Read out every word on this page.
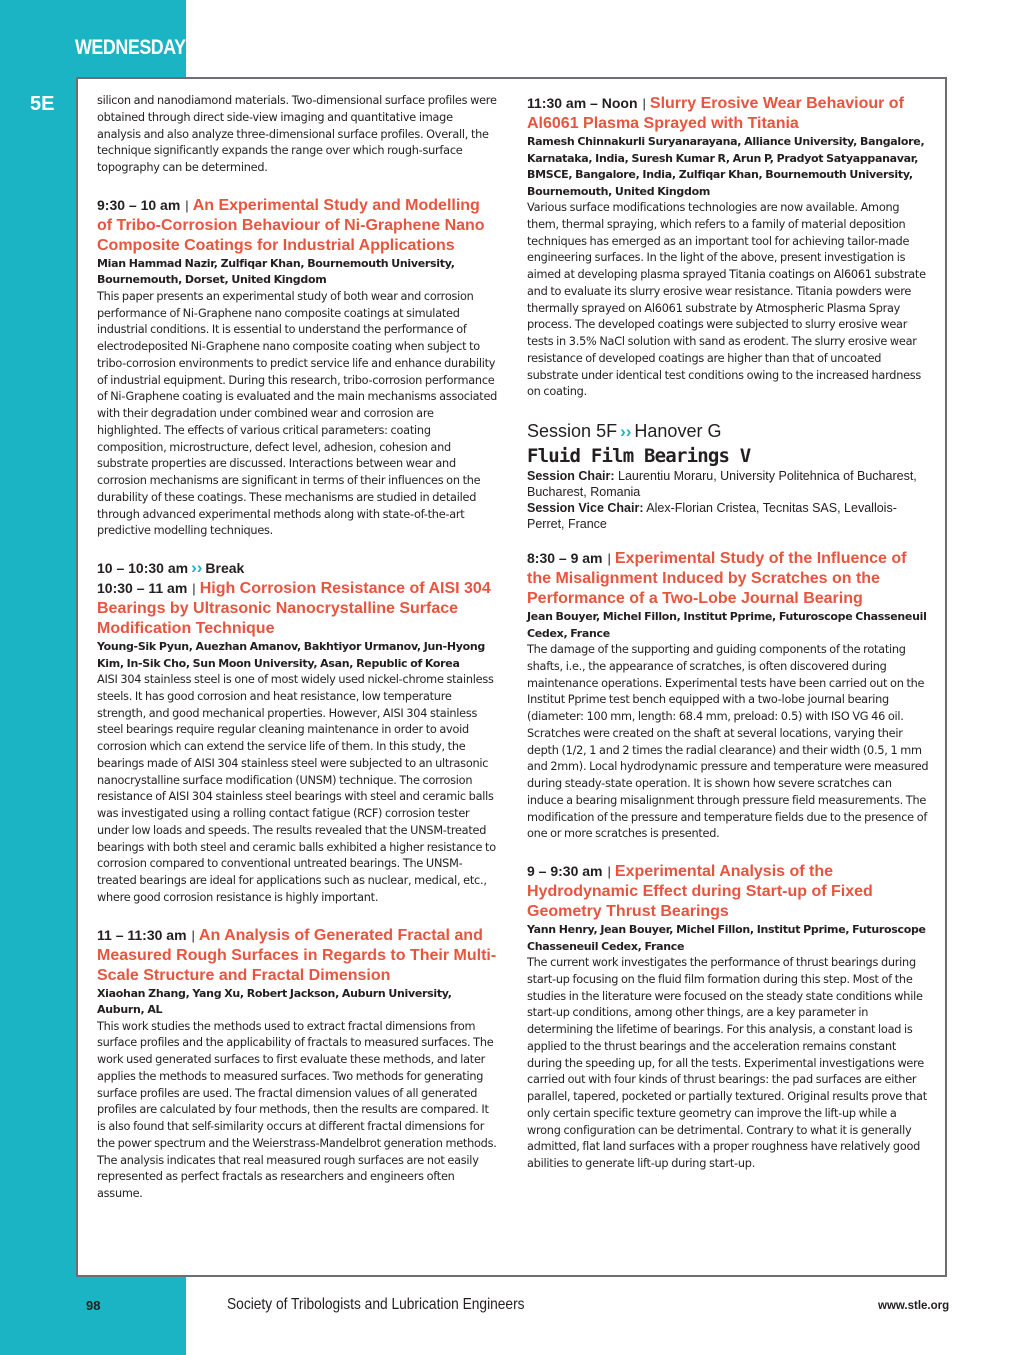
WEDNESDAY
5E	silicon and nanodiamond materials. Two-dimensional surface profiles were obtained through direct side-view imaging and quantitative image analysis and also analyze three-dimensional surface profiles. Overall, the technique significantly expands the range over which rough-surface topography can be determined.

9:30 – 10 am | An Experimental Study and Modelling of Tribo-Corrosion Behaviour of Ni-Graphene Nano Composite Coatings for Industrial Applications

Mian Hammad Nazir, Zulfiqar Khan, Bournemouth University, Bournemouth, Dorset, United Kingdom

This paper presents an experimental study of both wear and corrosion performance of Ni-Graphene nano composite coatings at simulated industrial conditions. It is essential to understand the performance of electrodeposited Ni-Graphene nano composite coating when subject to tribo-corrosion environments to predict service life and enhance durability of industrial equipment. During this research, tribo-corrosion performance of Ni-Graphene coating is evaluated and the main mechanisms associated with their degradation under combined wear and corrosion are highlighted. The effects of various critical parameters: coating composition, microstructure, defect level, adhesion, cohesion and substrate properties are discussed. Interactions between wear and corrosion mechanisms are significant in terms of their influences on the durability of these coatings. These mechanisms are studied in detailed through advanced experimental methods along with state-of-the-art predictive modelling techniques.

10 – 10:30 am ›› Break

10:30 – 11 am | High Corrosion Resistance of AISI 304 Bearings by Ultrasonic Nanocrystalline Surface Modification Technique

Young-Sik Pyun, Auezhan Amanov, Bakhtiyor Urmanov, Jun-Hyong Kim, In-Sik Cho, Sun Moon University, Asan, Republic of Korea

AISI 304 stainless steel is one of most widely used nickel-chrome stainless steels. It has good corrosion and heat resistance, low temperature strength, and good mechanical properties. However, AISI 304 stainless steel bearings require regular cleaning maintenance in order to avoid corrosion which can extend the service life of them. In this study, the bearings made of AISI 304 stainless steel were subjected to an ultrasonic nanocrystalline surface modification (UNSM) technique. The corrosion resistance of AISI 304 stainless steel bearings with steel and ceramic balls was investigated using a rolling contact fatigue (RCF) corrosion tester under low loads and speeds. The results revealed that the UNSM-treated bearings with both steel and ceramic balls exhibited a higher resistance to corrosion compared to conventional untreated bearings. The UNSM-treated bearings are ideal for applications such as nuclear, medical, etc., where good corrosion resistance is highly important.

11 – 11:30 am | An Analysis of Generated Fractal and Measured Rough Surfaces in Regards to Their Multi-Scale Structure and Fractal Dimension

Xiaohan Zhang, Yang Xu, Robert Jackson, Auburn University, Auburn, AL

This work studies the methods used to extract fractal dimensions from surface profiles and the applicability of fractals to measured surfaces. The work used generated surfaces to first evaluate these methods, and later applies the methods to measured surfaces. Two methods for generating surface profiles are used. The fractal dimension values of all generated profiles are calculated by four methods, then the results are compared. It is also found that self-similarity occurs at different fractal dimensions for the power spectrum and the Weierstrass-Mandelbrot generation methods. The analysis indicates that real measured rough surfaces are not easily represented as perfect fractals as researchers and engineers often assume.

11:30 am – Noon | Slurry Erosive Wear Behaviour of Al6061 Plasma Sprayed with Titania

Ramesh Chinnakurli Suryanarayana, Alliance University, Bangalore, Karnataka, India, Suresh Kumar R, Arun P, Pradyot Satyappanavar, BMSCE, Bangalore, India, Zulfiqar Khan, Bournemouth University, Bournemouth, United Kingdom

Various surface modifications technologies are now available. Among them, thermal spraying, which refers to a family of material deposition techniques has emerged as an important tool for achieving tailor-made engineering surfaces. In the light of the above, present investigation is aimed at developing plasma sprayed Titania coatings on Al6061 substrate and to evaluate its slurry erosive wear resistance. Titania powders were thermally sprayed on Al6061 substrate by Atmospheric Plasma Spray process. The developed coatings were subjected to slurry erosive wear tests in 3.5% NaCl solution with sand as erodent. The slurry erosive wear resistance of developed coatings are higher than that of uncoated substrate under identical test conditions owing to the increased hardness on coating.

Session 5F ›› Hanover G

Fluid Film Bearings V

Session Chair: Laurentiu Moraru, University Politehnica of Bucharest, Bucharest, Romania

Session Vice Chair: Alex-Florian Cristea, Tecnitas SAS, Levallois-Perret, France

8:30 – 9 am | Experimental Study of the Influence of the Misalignment Induced by Scratches on the Performance of a Two-Lobe Journal Bearing

Jean Bouyer, Michel Fillon, Institut Pprime, Futuroscope Chasseneuil Cedex, France

The damage of the supporting and guiding components of the rotating shafts, i.e., the appearance of scratches, is often discovered during maintenance operations. Experimental tests have been carried out on the Institut Pprime test bench equipped with a two-lobe journal bearing (diameter: 100 mm, length: 68.4 mm, preload: 0.5) with ISO VG 46 oil. Scratches were created on the shaft at several locations, varying their depth (1/2, 1 and 2 times the radial clearance) and their width (0.5, 1 mm and 2mm). Local hydrodynamic pressure and temperature were measured during steady-state operation. It is shown how severe scratches can induce a bearing misalignment through pressure field measurements. The modification of the pressure and temperature fields due to the presence of one or more scratches is presented.

9 – 9:30 am | Experimental Analysis of the Hydrodynamic Effect during Start-up of Fixed Geometry Thrust Bearings

Yann Henry, Jean Bouyer, Michel Fillon, Institut Pprime, Futuroscope Chasseneuil Cedex, France

The current work investigates the performance of thrust bearings during start-up focusing on the fluid film formation during this step. Most of the studies in the literature were focused on the steady state conditions while start-up conditions, among other things, are a key parameter in determining the lifetime of bearings. For this analysis, a constant load is applied to the thrust bearings and the acceleration remains constant during the speeding up, for all the tests. Experimental investigations were carried out with four kinds of thrust bearings: the pad surfaces are either parallel, tapered, pocketed or partially textured. Original results prove that only certain specific texture geometry can improve the lift-up while a wrong configuration can be detrimental. Contrary to what it is generally admitted, flat land surfaces with a proper roughness have relatively good abilities to generate lift-up during start-up.

98	Society of Tribologists and Lubrication Engineers	www.stle.org
